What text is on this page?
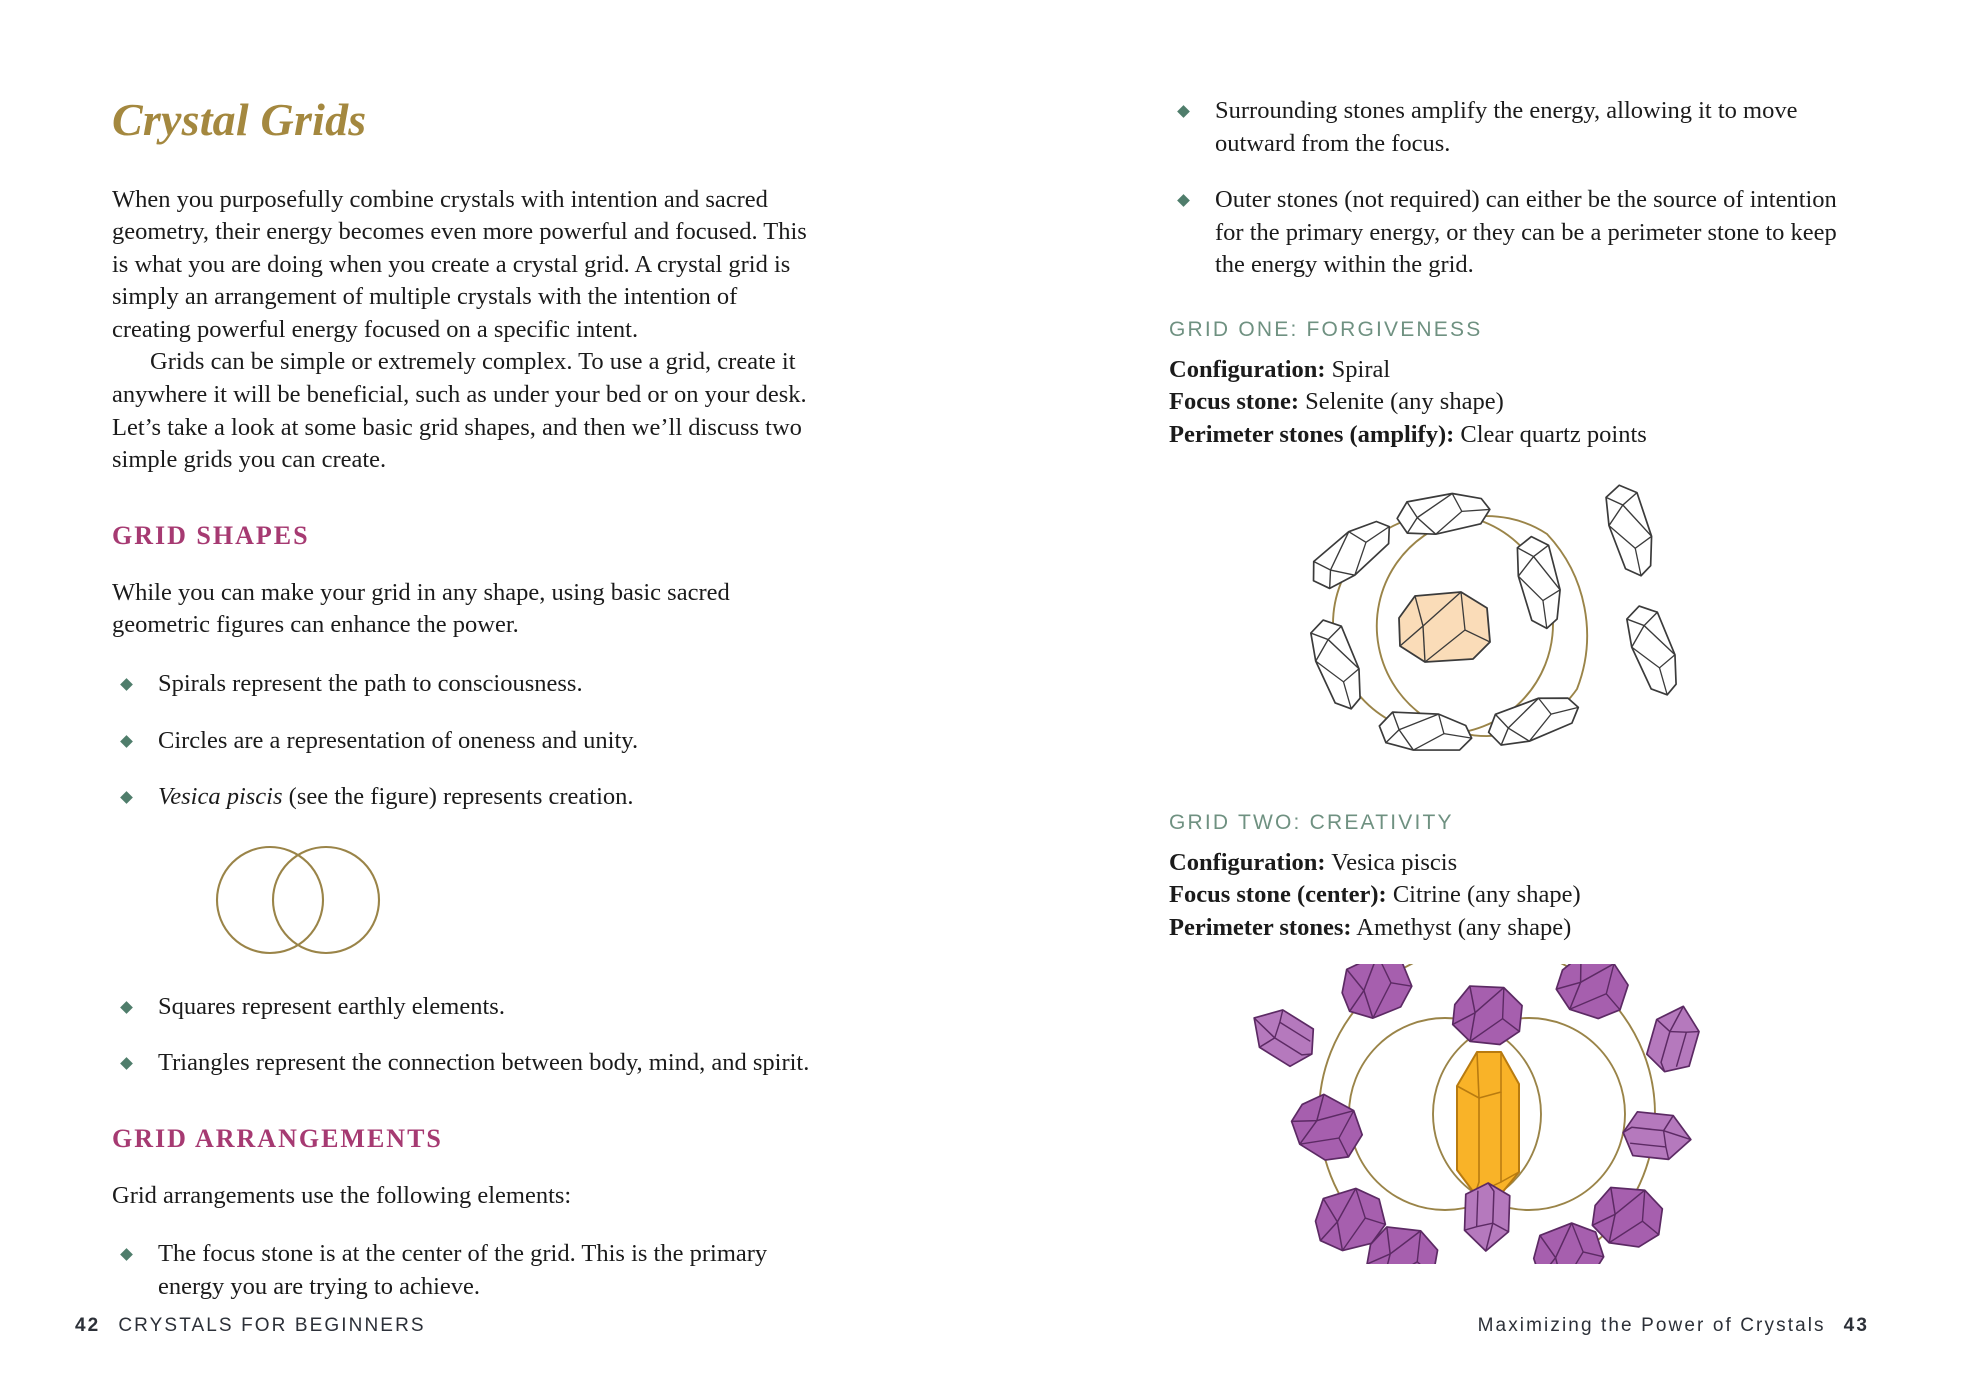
Crystal Grids

When you purposefully combine crystals with intention and sacred geometry, their energy becomes even more powerful and focused. This is what you are doing when you create a crystal grid. A crystal grid is simply an arrangement of multiple crystals with the intention of creating powerful energy focused on a specific intent.

Grids can be simple or extremely complex. To use a grid, create it anywhere it will be beneficial, such as under your bed or on your desk. Let’s take a look at some basic grid shapes, and then we’ll discuss two simple grids you can create.

GRID SHAPES

While you can make your grid in any shape, using basic sacred geometric figures can enhance the power.

Spirals represent the path to consciousness.
Circles are a representation of oneness and unity.
Vesica piscis (see the figure) represents creation.
Squares represent earthly elements.
Triangles represent the connection between body, mind, and spirit.
GRID ARRANGEMENTS

Grid arrangements use the following elements:

The focus stone is at the center of the grid. This is the primary energy you are trying to achieve.
42 CRYSTALS FOR BEGINNERS
Surrounding stones amplify the energy, allowing it to move outward from the focus.
Outer stones (not required) can either be the source of intention for the primary energy, or they can be a perimeter stone to keep the energy within the grid.
GRID ONE: FORGIVENESS

Configuration: Spiral

Focus stone: Selenite (any shape)

Perimeter stones (amplify): Clear quartz points

GRID TWO: CREATIVITY

Configuration: Vesica piscis

Focus stone (center): Citrine (any shape)

Perimeter stones: Amethyst (any shape)

Maximizing the Power of Crystals 43
